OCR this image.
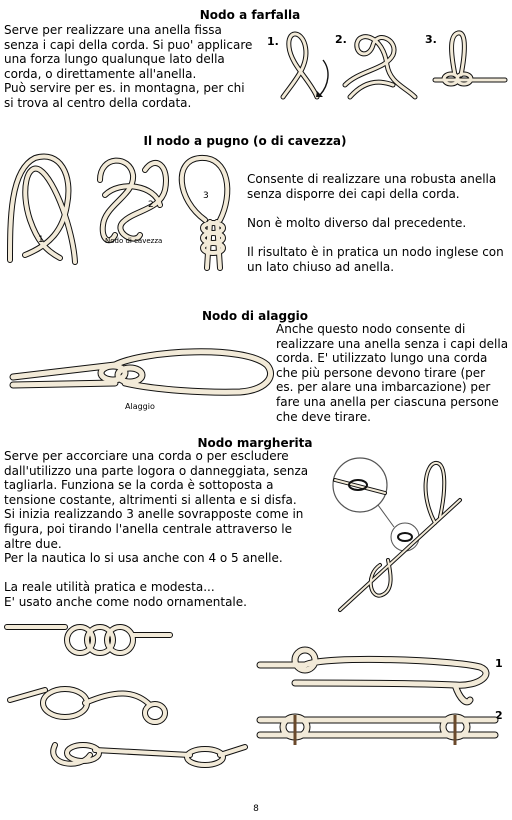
Nodo a farfalla
Serve per realizzare una anella fissa
senza i capi della corda. Si puo' applicare
una forza lungo qualunque lato della
corda, o direttamente all'anella.
Può servire per es. in montagna, per chi
si trova al centro della cordata.
1.	2.	3.
Il nodo a pugno (o di cavezza)
1
2
Nodo di cavezza
3
Consente di realizzare una robusta anella
senza disporre dei capi della corda.
Non è molto diverso dal precedente.
Il risultato è in pratica un nodo inglese con
un lato chiuso ad anella.
Nodo di alaggio
Alaggio
Anche questo nodo consente di
realizzare una anella senza i capi della
corda. E' utilizzato lungo una corda
che più persone devono tirare (per
es. per alare una imbarcazione) per
fare una anella per ciascuna persone
che deve tirare.
Nodo margherita
Serve per accorciare una corda o per escludere
dall'utilizzo una parte logora o danneggiata, senza
tagliarla. Funziona se la corda è sottoposta a
tensione costante, altrimenti si allenta e si disfa.
Si inizia realizzando 3 anelle sovrapposte come in
figura, poi tirando l'anella centrale attraverso le
altre due.
Per la nautica lo si usa anche con 4 o 5 anelle.
La reale utilità pratica e modesta...
E' usato anche come nodo ornamentale.
1
2
8
